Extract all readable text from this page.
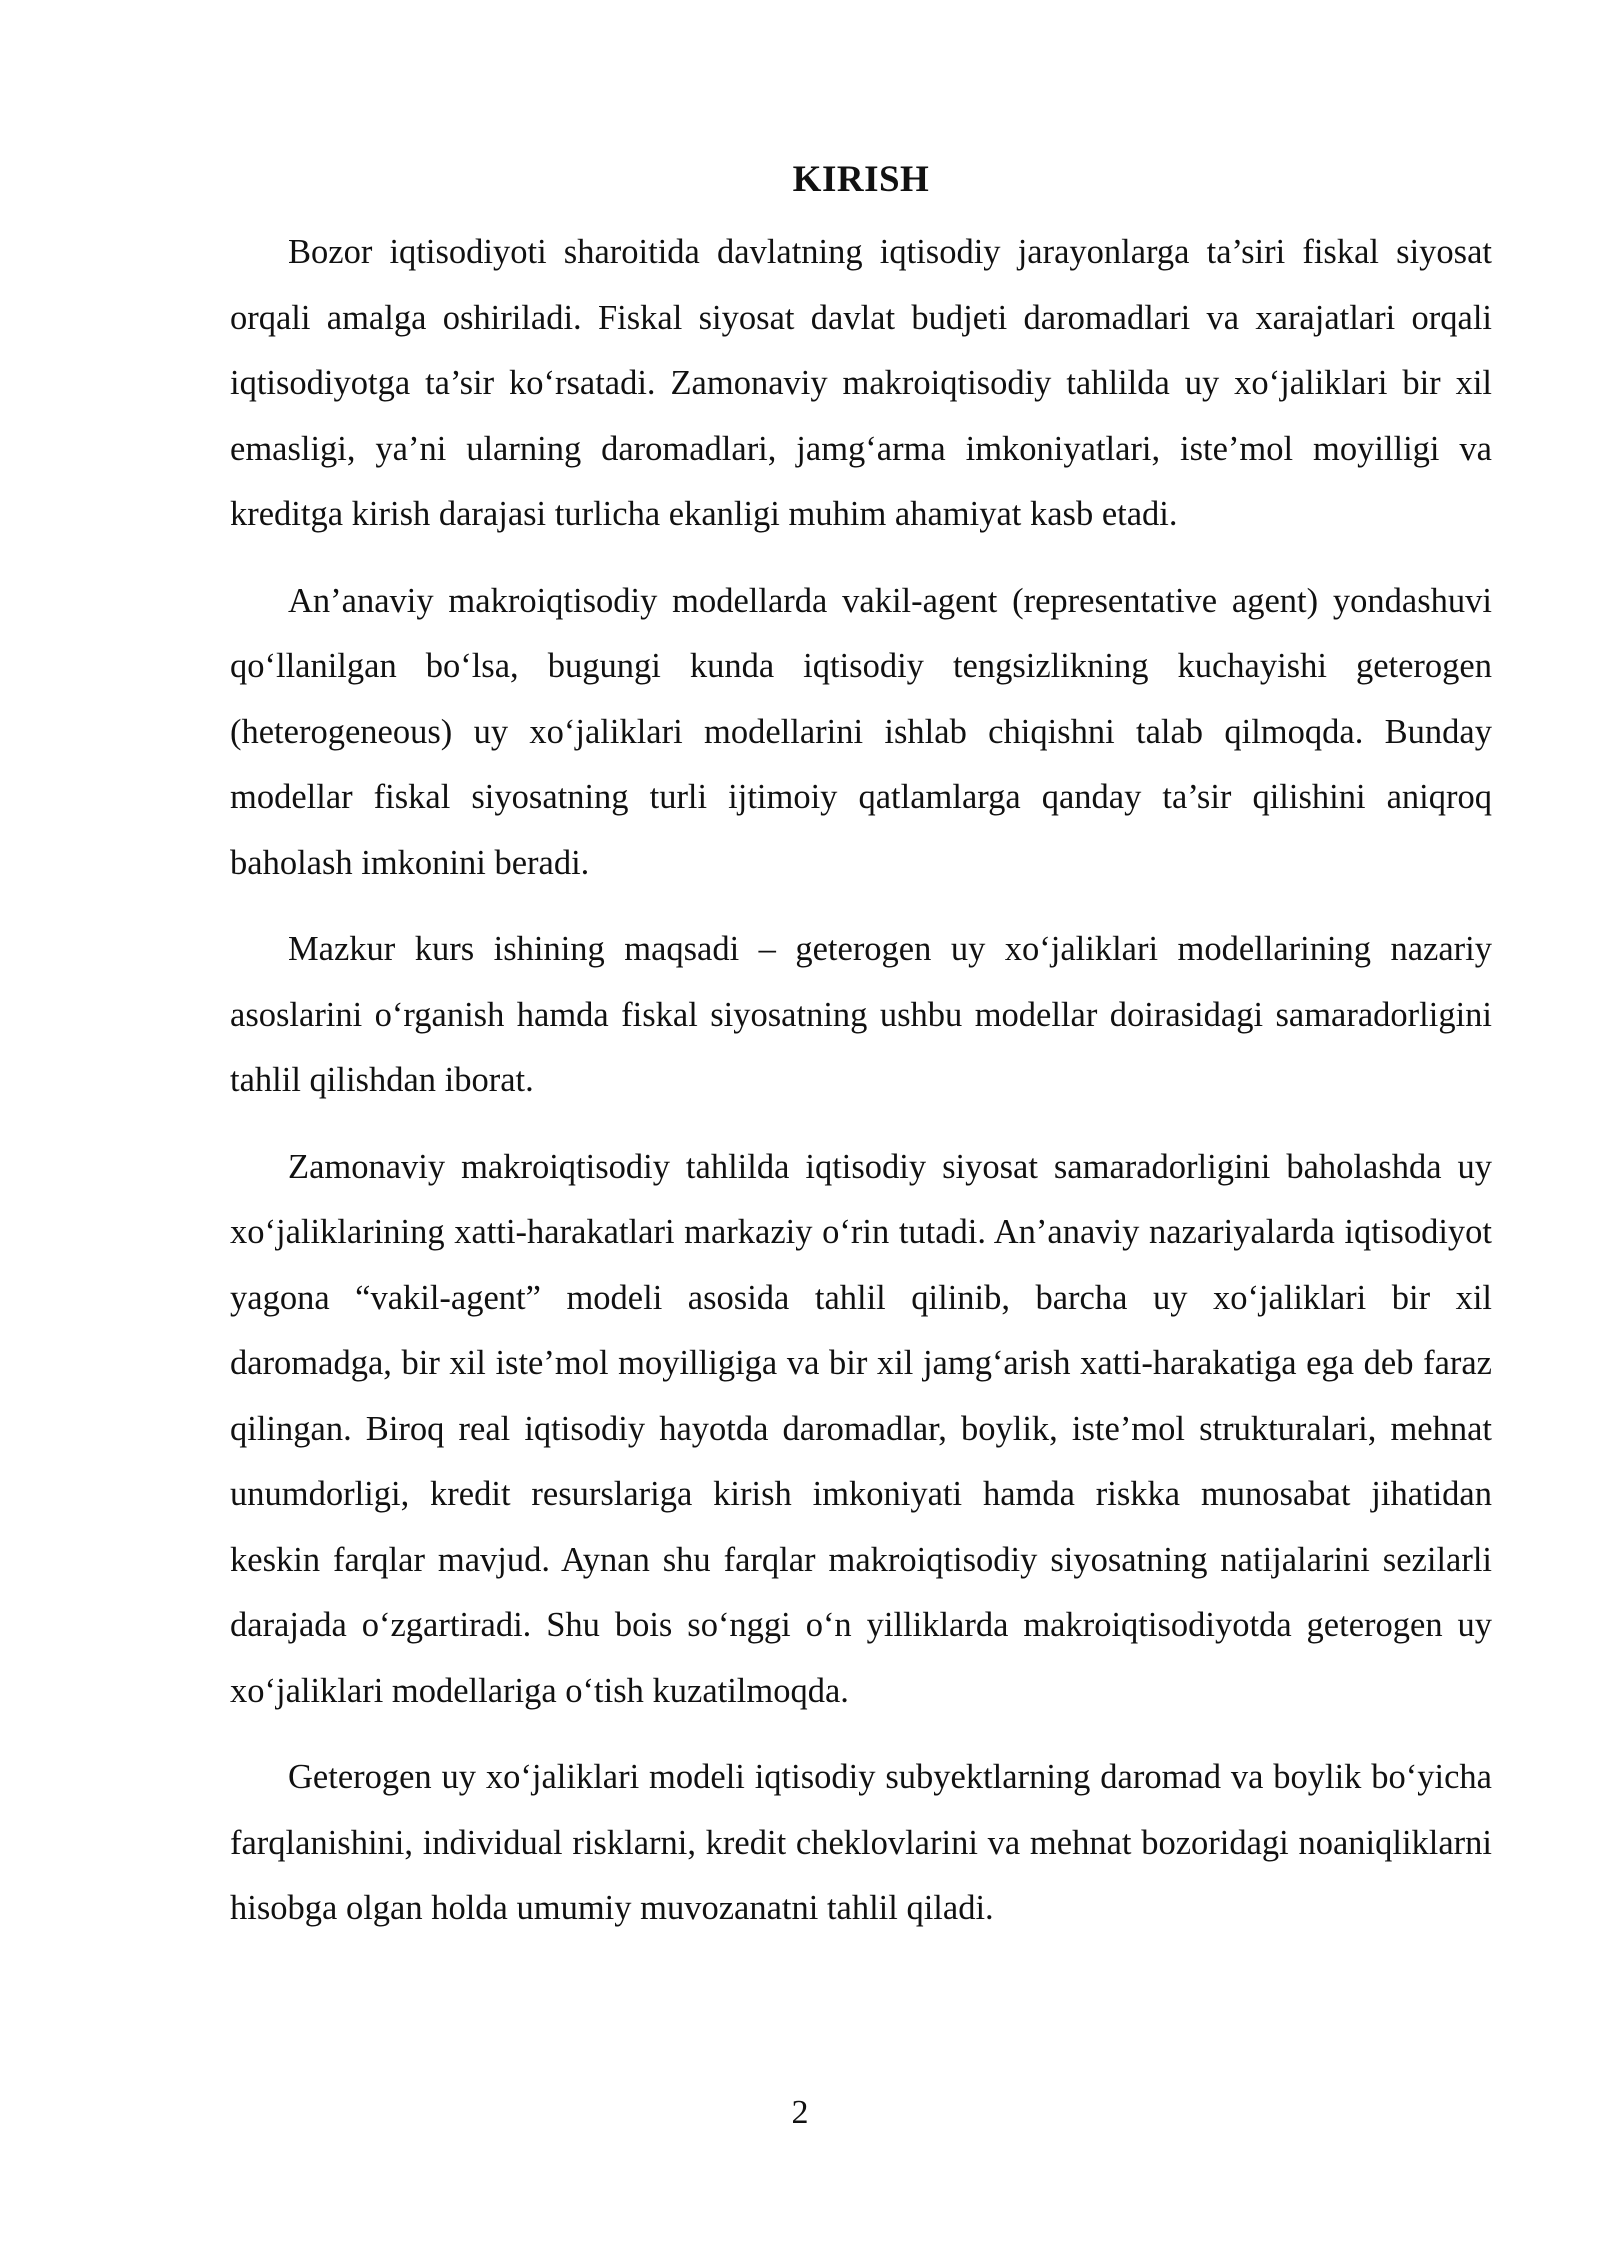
KIRISH

Bozor iqtisodiyoti sharoitida davlatning iqtisodiy jarayonlarga ta’siri fiskal siyosat orqali amalga oshiriladi. Fiskal siyosat davlat budjeti daromadlari va xarajatlari orqali iqtisodiyotga ta’sir ko‘rsatadi. Zamonaviy makroiqtisodiy tahlilda uy xo‘jaliklari bir xil emasligi, ya’ni ularning daromadlari, jamg‘arma imkoniyatlari, iste’mol moyilligi va kreditga kirish darajasi turlicha ekanligi muhim ahamiyat kasb etadi.

An’anaviy makroiqtisodiy modellarda vakil-agent (representative agent) yondashuvi qo‘llanilgan bo‘lsa, bugungi kunda iqtisodiy tengsizlikning kuchayishi geterogen (heterogeneous) uy xo‘jaliklari modellarini ishlab chiqishni talab qilmoqda. Bunday modellar fiskal siyosatning turli ijtimoiy qatlamlarga qanday ta’sir qilishini aniqroq baholash imkonini beradi.

Mazkur kurs ishining maqsadi – geterogen uy xo‘jaliklari modellarining nazariy asoslarini o‘rganish hamda fiskal siyosatning ushbu modellar doirasidagi samaradorligini tahlil qilishdan iborat.

Zamonaviy makroiqtisodiy tahlilda iqtisodiy siyosat samaradorligini baholashda uy xo‘jaliklarining xatti-harakatlari markaziy o‘rin tutadi. An’anaviy nazariyalarda iqtisodiyot yagona “vakil-agent” modeli asosida tahlil qilinib, barcha uy xo‘jaliklari bir xil daromadga, bir xil iste’mol moyilligiga va bir xil jamg‘arish xatti-harakatiga ega deb faraz qilingan. Biroq real iqtisodiy hayotda daromadlar, boylik, iste’mol strukturalari, mehnat unumdorligi, kredit resurslariga kirish imkoniyati hamda riskka munosabat jihatidan keskin farqlar mavjud. Aynan shu farqlar makroiqtisodiy siyosatning natijalarini sezilarli darajada o‘zgartiradi. Shu bois so‘nggi o‘n yilliklarda makroiqtisodiyotda geterogen uy xo‘jaliklari modellariga o‘tish kuzatilmoqda.

Geterogen uy xo‘jaliklari modeli iqtisodiy subyektlarning daromad va boylik bo‘yicha farqlanishini, individual risklarni, kredit cheklovlarini va mehnat bozoridagi noaniqliklarni hisobga olgan holda umumiy muvozanatni tahlil qiladi.

2
